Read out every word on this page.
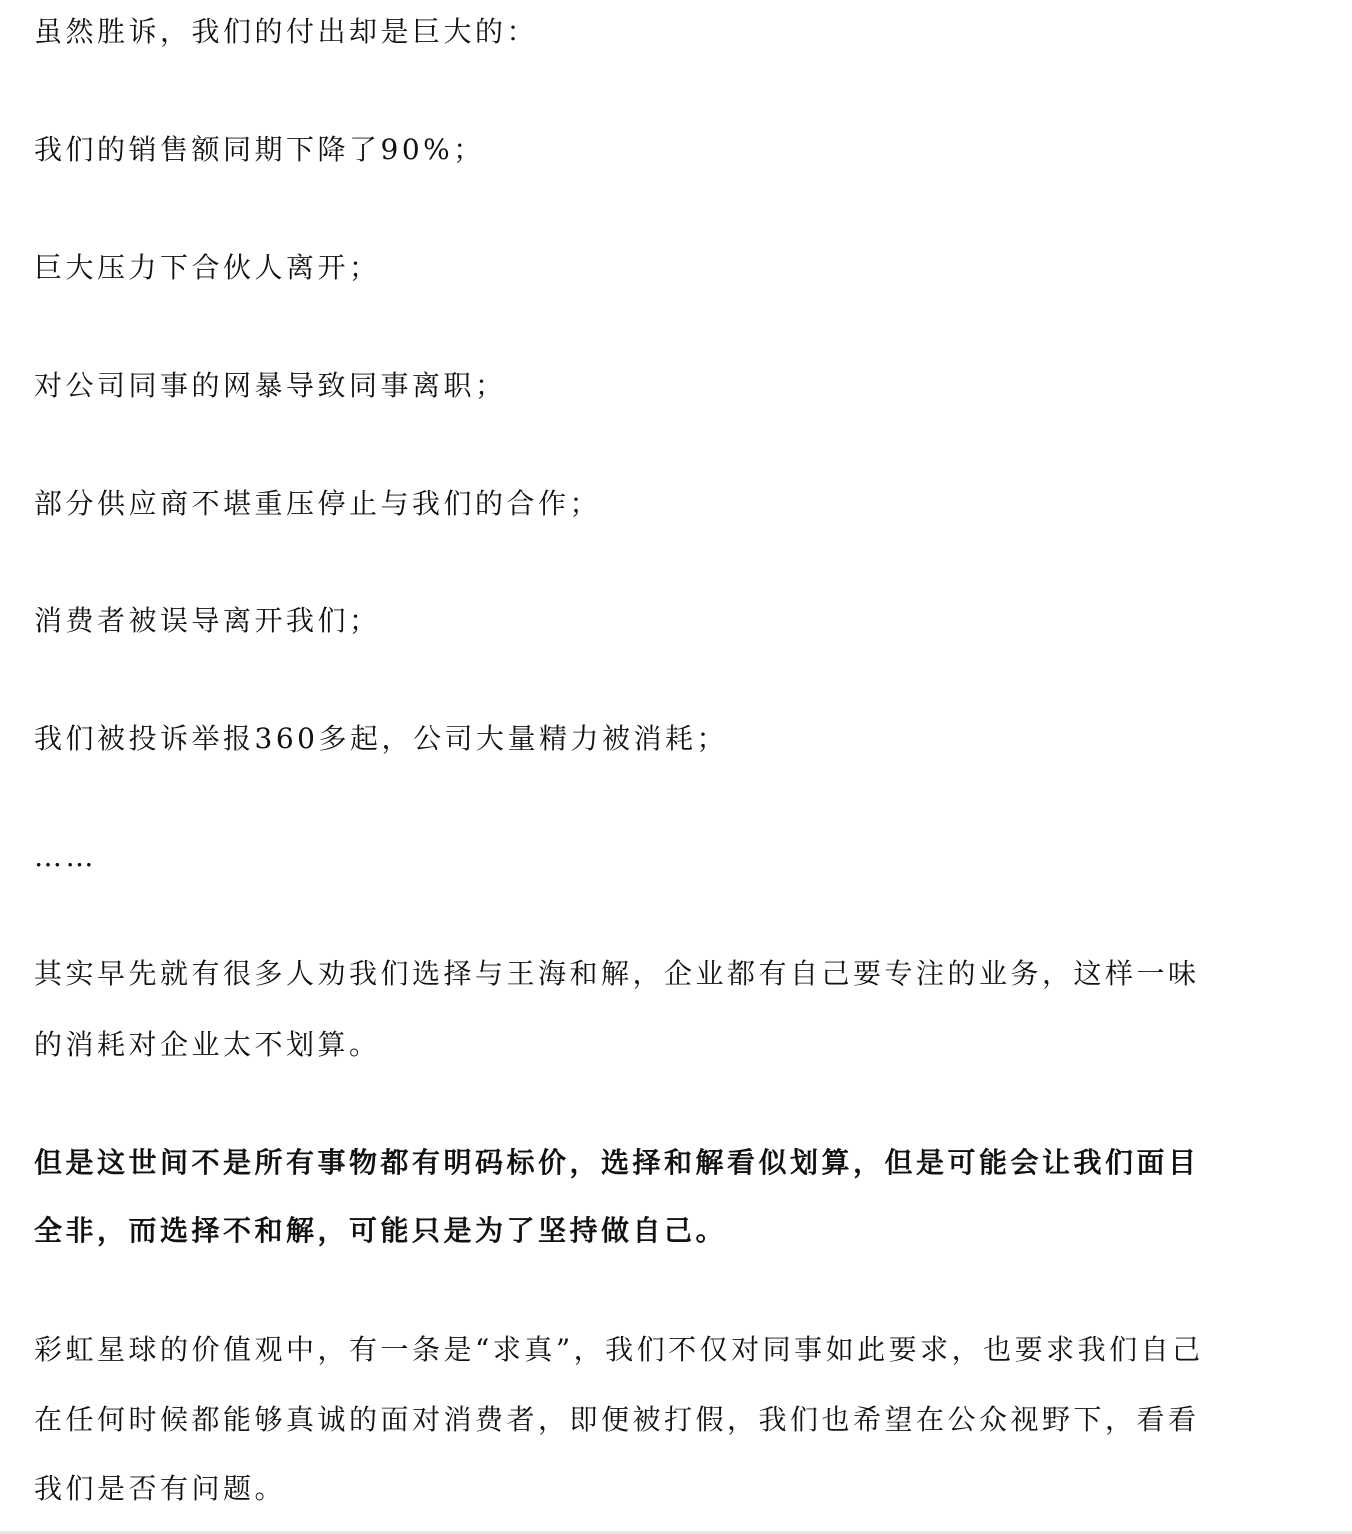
虽然胜诉，我们的付出却是巨大的：

我们的销售额同期下降了90%；

巨大压力下合伙人离开；

对公司同事的网暴导致同事离职；

部分供应商不堪重压停止与我们的合作；

消费者被误导离开我们；

我们被投诉举报360多起，公司大量精力被消耗；

……

其实早先就有很多人劝我们选择与王海和解，企业都有自己要专注的业务，这样一味

的消耗对企业太不划算。

但是这世间不是所有事物都有明码标价，选择和解看似划算，但是可能会让我们面目

全非，而选择不和解，可能只是为了坚持做自己。

彩虹星球的价值观中，有一条是“求真”，我们不仅对同事如此要求，也要求我们自己

在任何时候都能够真诚的面对消费者，即便被打假，我们也希望在公众视野下，看看

我们是否有问题。
